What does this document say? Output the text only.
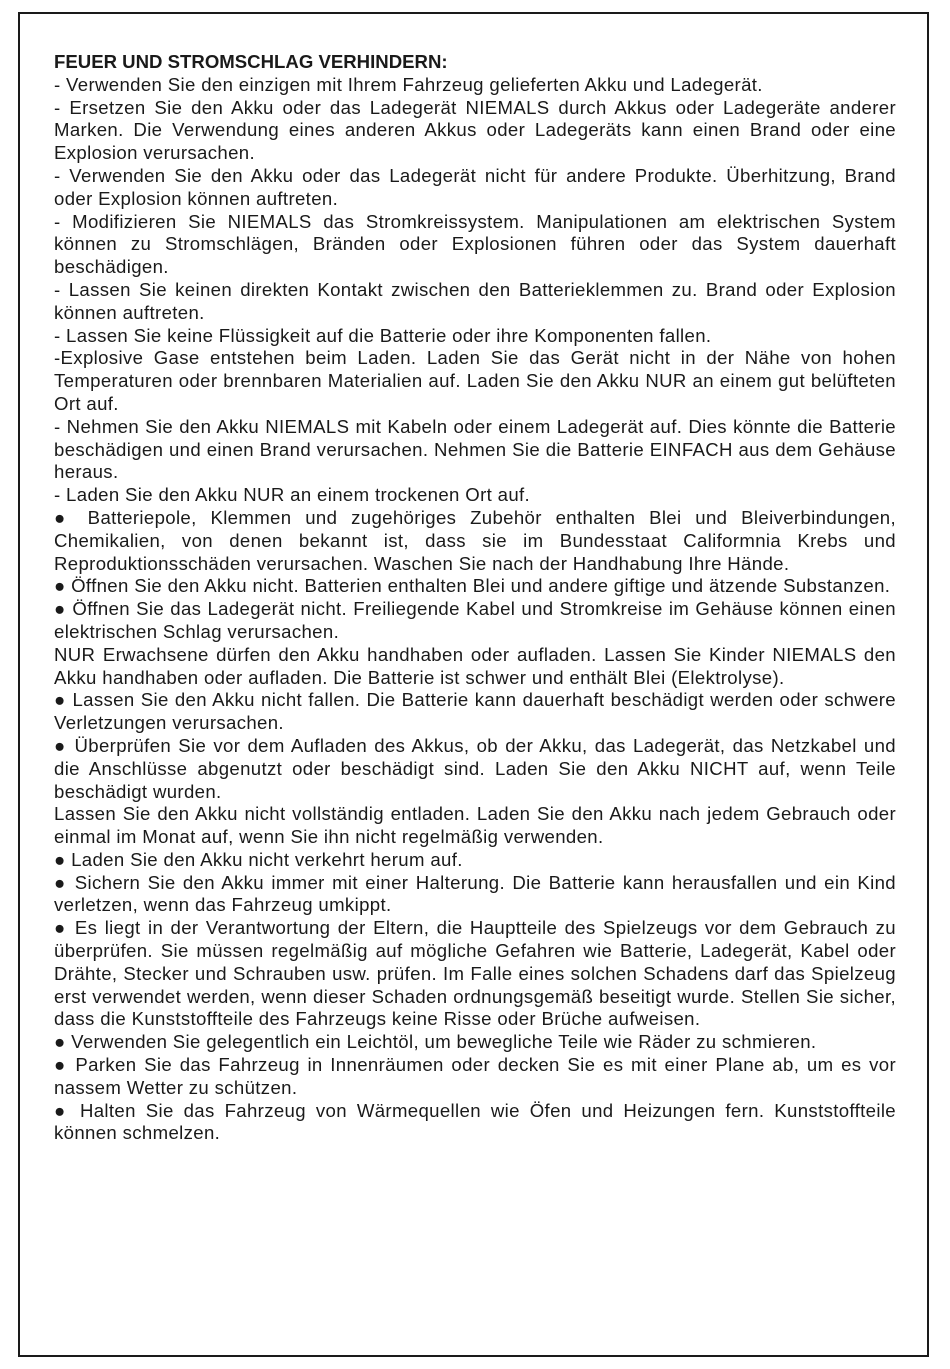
FEUER UND STROMSCHLAG VERHINDERN:

- Verwenden Sie den einzigen mit Ihrem Fahrzeug gelieferten Akku und Ladegerät.

- Ersetzen Sie den Akku oder das Ladegerät NIEMALS durch Akkus oder Ladegeräte anderer Marken. Die Verwendung eines anderen Akkus oder Ladegeräts kann einen Brand oder eine Explosion verursachen.

- Verwenden Sie den Akku oder das Ladegerät nicht für andere Produkte. Überhitzung, Brand oder Explosion können auftreten.

- Modifizieren Sie NIEMALS das Stromkreissystem. Manipulationen am elektrischen System können zu Stromschlägen, Bränden oder Explosionen führen oder das System dauerhaft beschädigen.

- Lassen Sie keinen direkten Kontakt zwischen den Batterieklemmen zu. Brand oder Explosion können auftreten.

- Lassen Sie keine Flüssigkeit auf die Batterie oder ihre Komponenten fallen.

-Explosive Gase entstehen beim Laden. Laden Sie das Gerät nicht in der Nähe von hohen Temperaturen oder brennbaren Materialien auf. Laden Sie den Akku NUR an einem gut belüfteten Ort auf.

- Nehmen Sie den Akku NIEMALS mit Kabeln oder einem Ladegerät auf. Dies könnte die Batterie beschädigen und einen Brand verursachen. Nehmen Sie die Batterie EINFACH aus dem Gehäuse heraus.

- Laden Sie den Akku NUR an einem trockenen Ort auf.

● Batteriepole, Klemmen und zugehöriges Zubehör enthalten Blei und Bleiverbindungen, Chemikalien, von denen bekannt ist, dass sie im Bundesstaat Califormnia Krebs und Reproduktionsschäden verursachen. Waschen Sie nach der Handhabung Ihre Hände.

● Öffnen Sie den Akku nicht. Batterien enthalten Blei und andere giftige und ätzende Substanzen.

● Öffnen Sie das Ladegerät nicht. Freiliegende Kabel und Stromkreise im Gehäuse können einen elektrischen Schlag verursachen.

NUR Erwachsene dürfen den Akku handhaben oder aufladen. Lassen Sie Kinder NIEMALS den Akku handhaben oder aufladen. Die Batterie ist schwer und enthält Blei (Elektrolyse).

● Lassen Sie den Akku nicht fallen. Die Batterie kann dauerhaft beschädigt werden oder schwere Verletzungen verursachen.

● Überprüfen Sie vor dem Aufladen des Akkus, ob der Akku, das Ladegerät, das Netzkabel und die Anschlüsse abgenutzt oder beschädigt sind. Laden Sie den Akku NICHT auf, wenn Teile beschädigt wurden.

Lassen Sie den Akku nicht vollständig entladen. Laden Sie den Akku nach jedem Gebrauch oder einmal im Monat auf, wenn Sie ihn nicht regelmäßig verwenden.

● Laden Sie den Akku nicht verkehrt herum auf.

● Sichern Sie den Akku immer mit einer Halterung. Die Batterie kann herausfallen und ein Kind verletzen, wenn das Fahrzeug umkippt.

● Es liegt in der Verantwortung der Eltern, die Hauptteile des Spielzeugs vor dem Gebrauch zu überprüfen. Sie müssen regelmäßig auf mögliche Gefahren wie Batterie, Ladegerät, Kabel oder Drähte, Stecker und Schrauben usw. prüfen. Im Falle eines solchen Schadens darf das Spielzeug erst verwendet werden, wenn dieser Schaden ordnungsgemäß beseitigt wurde. Stellen Sie sicher, dass die Kunststoffteile des Fahrzeugs keine Risse oder Brüche aufweisen.

● Verwenden Sie gelegentlich ein Leichtöl, um bewegliche Teile wie Räder zu schmieren.

● Parken Sie das Fahrzeug in Innenräumen oder decken Sie es mit einer Plane ab, um es vor nassem Wetter zu schützen.

● Halten Sie das Fahrzeug von Wärmequellen wie Öfen und Heizungen fern. Kunststoffteile können schmelzen.
